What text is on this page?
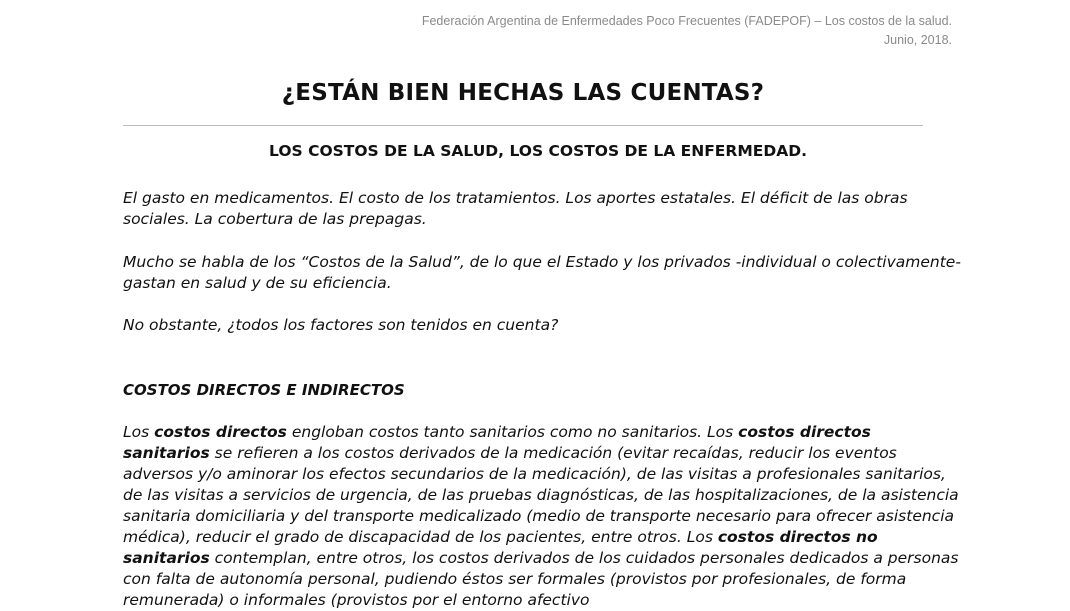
Federación Argentina de Enfermedades Poco Frecuentes (FADEPOF) – Los costos de la salud.
Junio, 2018.
¿ESTÁN BIEN HECHAS LAS CUENTAS?
LOS COSTOS DE LA SALUD, LOS COSTOS DE LA ENFERMEDAD.
El gasto en medicamentos. El costo de los tratamientos. Los aportes estatales. El déficit de las obras sociales. La cobertura de las prepagas.
Mucho se habla de los “Costos de la Salud”, de lo que el Estado y los privados -individual o colectivamente- gastan en salud y de su eficiencia.
No obstante, ¿todos los factores son tenidos en cuenta?
COSTOS DIRECTOS E INDIRECTOS
Los costos directos engloban costos tanto sanitarios como no sanitarios. Los costos directos sanitarios se refieren a los costos derivados de la medicación (evitar recaídas, reducir los eventos adversos y/o aminorar los efectos secundarios de la medicación), de las visitas a profesionales sanitarios, de las visitas a servicios de urgencia, de las pruebas diagnósticas, de las hospitalizaciones, de la asistencia sanitaria domiciliaria y del transporte medicalizado (medio de transporte necesario para ofrecer asistencia médica), reducir el grado de discapacidad de los pacientes, entre otros. Los costos directos no sanitarios contemplan, entre otros, los costos derivados de los cuidados personales dedicados a personas con falta de autonomía personal, pudiendo éstos ser formales (provistos por profesionales, de forma remunerada) o informales (provistos por el entorno afectivo
